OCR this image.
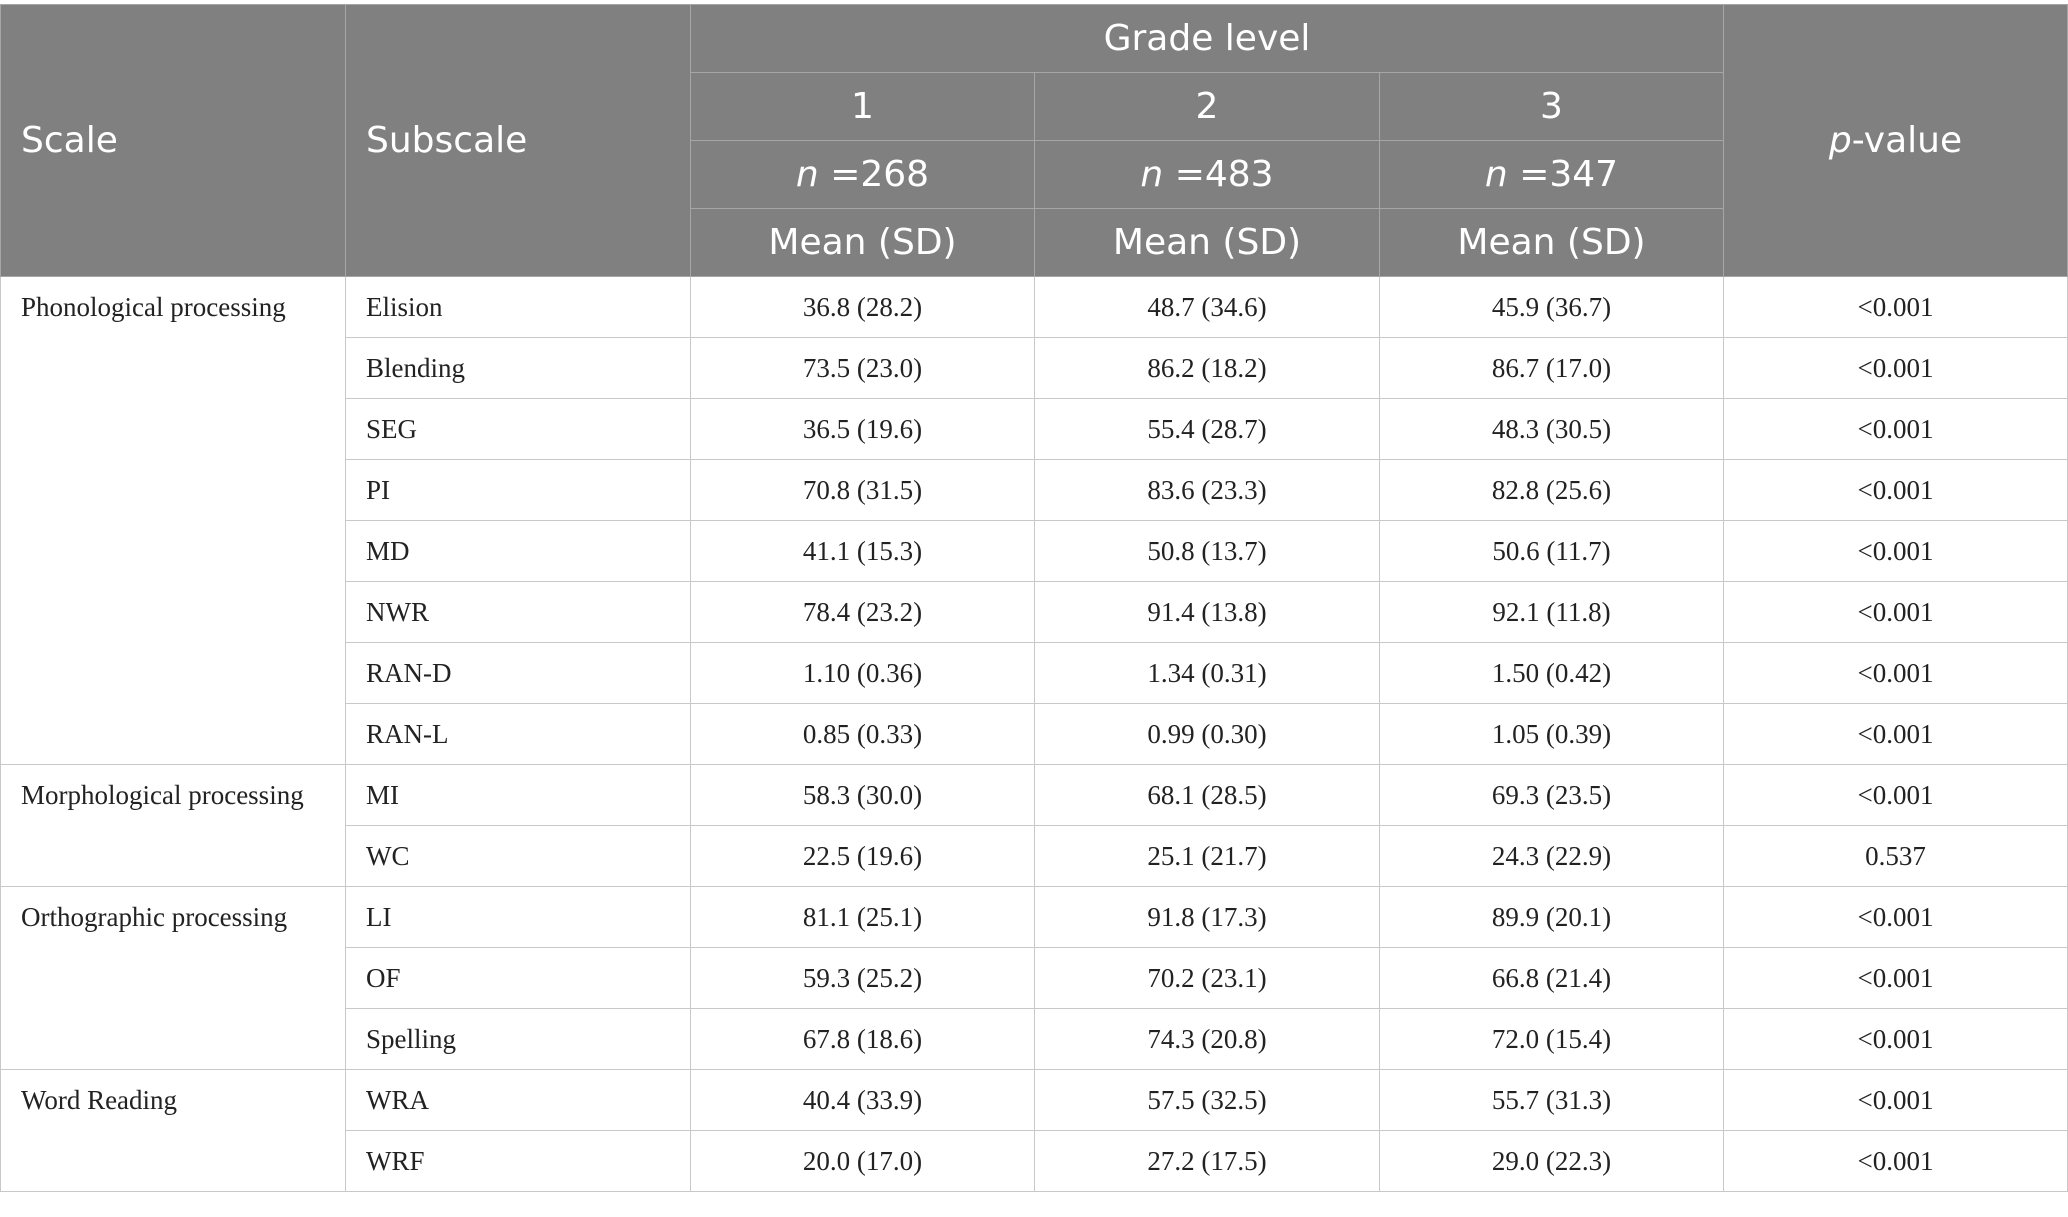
Scale	Subscale	Grade level			p-value
		1	2	3	
		n =268	n =483	n =347	
		Mean (SD)	Mean (SD)	Mean (SD)	
Phonological processing	Elision	36.8 (28.2)	48.7 (34.6)	45.9 (36.7)	<0.001
	Blending	73.5 (23.0)	86.2 (18.2)	86.7 (17.0)	<0.001
	SEG	36.5 (19.6)	55.4 (28.7)	48.3 (30.5)	<0.001
	PI	70.8 (31.5)	83.6 (23.3)	82.8 (25.6)	<0.001
	MD	41.1 (15.3)	50.8 (13.7)	50.6 (11.7)	<0.001
	NWR	78.4 (23.2)	91.4 (13.8)	92.1 (11.8)	<0.001
	RAN-D	1.10 (0.36)	1.34 (0.31)	1.50 (0.42)	<0.001
	RAN-L	0.85 (0.33)	0.99 (0.30)	1.05 (0.39)	<0.001
Morphological processing	MI	58.3 (30.0)	68.1 (28.5)	69.3 (23.5)	<0.001
	WC	22.5 (19.6)	25.1 (21.7)	24.3 (22.9)	0.537
Orthographic processing	LI	81.1 (25.1)	91.8 (17.3)	89.9 (20.1)	<0.001
	OF	59.3 (25.2)	70.2 (23.1)	66.8 (21.4)	<0.001
	Spelling	67.8 (18.6)	74.3 (20.8)	72.0 (15.4)	<0.001
Word Reading	WRA	40.4 (33.9)	57.5 (32.5)	55.7 (31.3)	<0.001
	WRF	20.0 (17.0)	27.2 (17.5)	29.0 (22.3)	<0.001
